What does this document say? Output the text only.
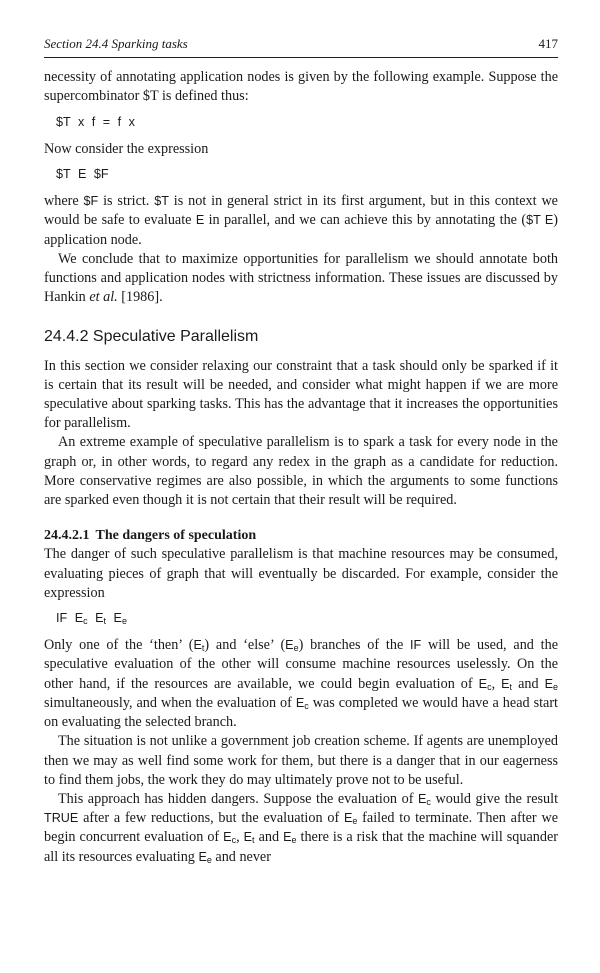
Section 24.4 Sparking tasks	417

necessity of annotating application nodes is given by the following example. Suppose the supercombinator $T is defined thus:

$T x f = f x

Now consider the expression

$T E $F

where $F is strict. $T is not in general strict in its first argument, but in this context we would be safe to evaluate E in parallel, and we can achieve this by annotating the ($T E) application node.

We conclude that to maximize opportunities for parallelism we should annotate both functions and application nodes with strictness information. These issues are discussed by Hankin et al. [1986].

24.4.2 Speculative Parallelism

In this section we consider relaxing our constraint that a task should only be sparked if it is certain that its result will be needed, and consider what might happen if we are more speculative about sparking tasks. This has the advantage that it increases the opportunities for parallelism.

An extreme example of speculative parallelism is to spark a task for every node in the graph or, in other words, to regard any redex in the graph as a candidate for reduction. More conservative regimes are also possible, in which the arguments to some functions are sparked even though it is not certain that their result will be required.

24.4.2.1 The dangers of speculation

The danger of such speculative parallelism is that machine resources may be consumed, evaluating pieces of graph that will eventually be discarded. For example, consider the expression

IF $E_c$ $E_t$ $E_e$

Only one of the ‘then’ $(E_t)$ and ‘else’ $(E_e)$ branches of the IF will be used, and the speculative evaluation of the other will consume machine resources uselessly. On the other hand, if the resources are available, we could begin evaluation of $E_c$, $E_t$ and $E_e$ simultaneously, and when the evaluation of $E_c$ was completed we would have a head start on evaluating the selected branch.

The situation is not unlike a government job creation scheme. If agents are unemployed then we may as well find some work for them, but there is a danger that in our eagerness to find them jobs, the work they do may ultimately prove not to be useful.

This approach has hidden dangers. Suppose the evaluation of $E_c$ would give the result TRUE after a few reductions, but the evaluation of $E_e$ failed to terminate. Then after we begin concurrent evaluation of $E_c$, $E_t$ and $E_e$ there is a risk that the machine will squander all its resources evaluating $E_e$ and never
